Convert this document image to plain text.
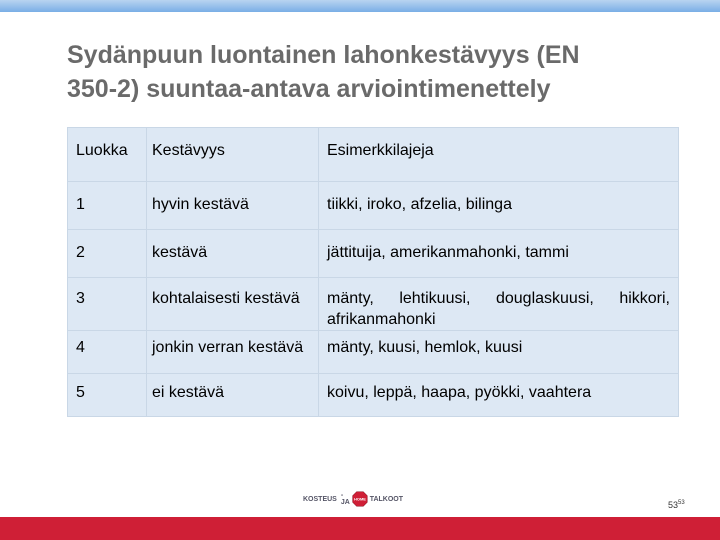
Sydänpuun luontainen lahonkestävyys (EN
350-2) suuntaa-antava arviointimenettely
Luokka	Kestävyys	Esimerkkilajeja
1	hyvin kestävä	tiikki, iroko, afzelia, bilinga
2	kestävä	jättituija, amerikanmahonki, tammi
3	kohtalaisesti kestävä	mänty, lehtikuusi, douglaskuusi, hikkori, afrikanmahonki
4	jonkin verran kestävä	mänty, kuusi, hemlok, kuusi
5	ei kestävä	koivu, leppä, haapa, pyökki, vaahtera
KOSTEUS -JA HOME TALKOOT
$53^{53}$
